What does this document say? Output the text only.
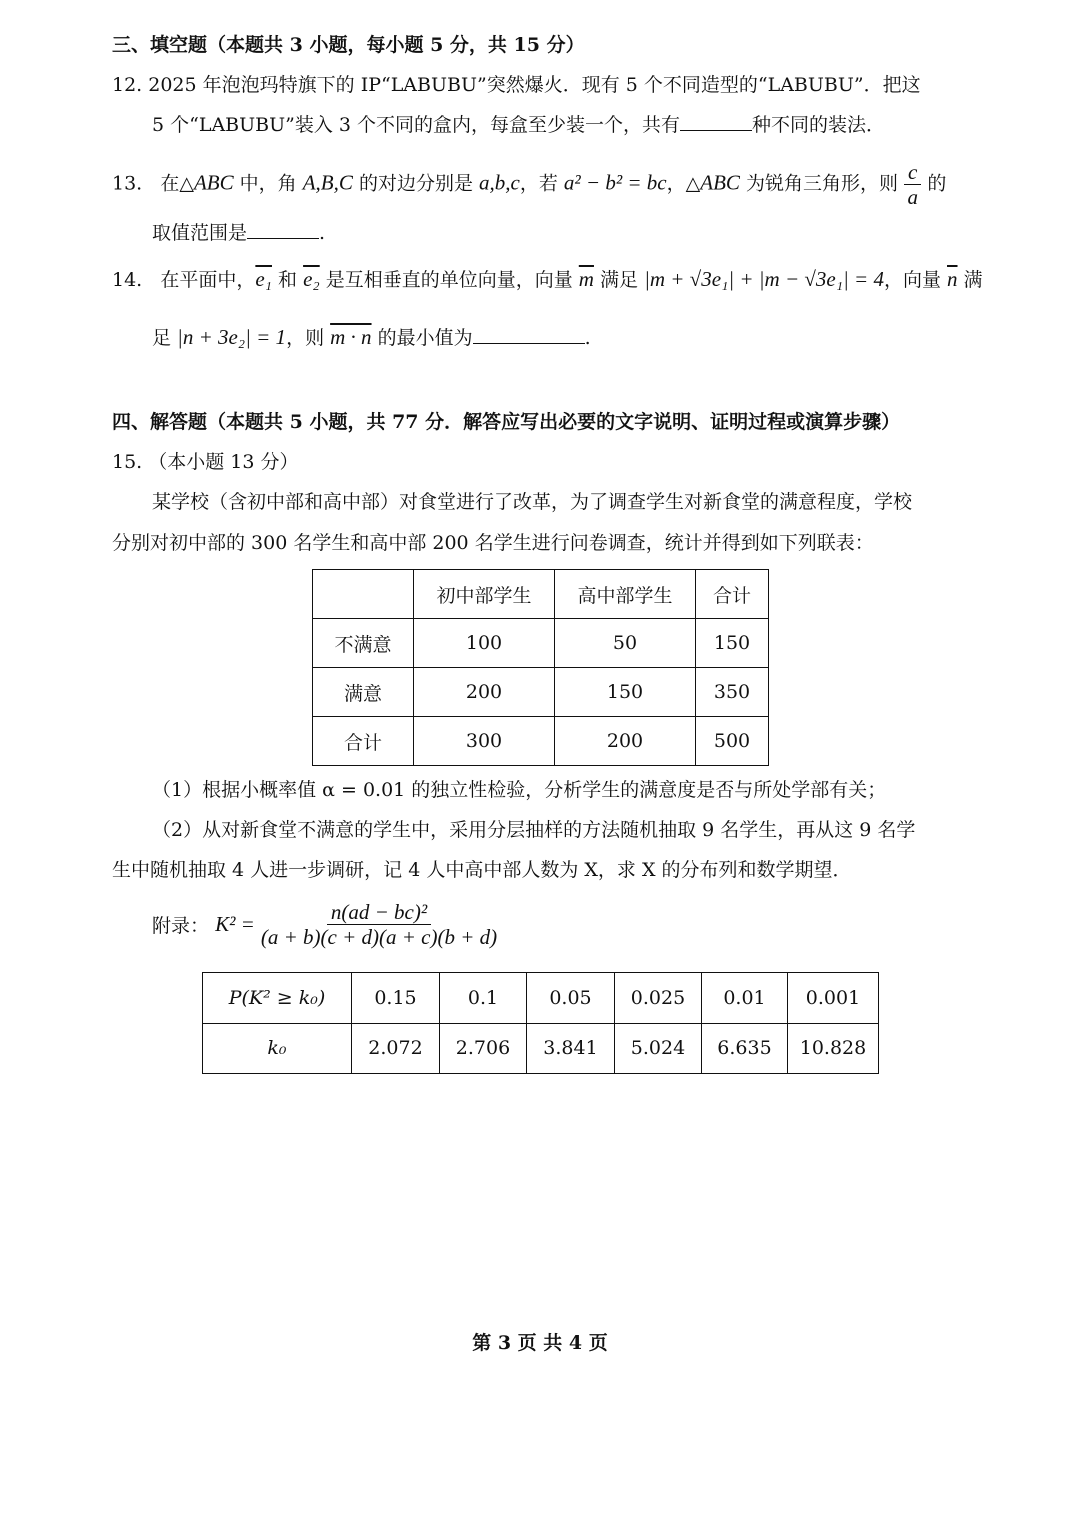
三、填空题（本题共 3 小题，每小题 5 分，共 15 分）
12. 2025 年泡泡玛特旗下的 IP“LABUBU”突然爆火．现有 5 个不同造型的“LABUBU”．把这
5 个“LABUBU”装入 3 个不同的盒内，每盒至少装一个，共有	种不同的装法．
13. 在△ABC 中，角 A,B,C 的对边分别是 a,b,c，若 a² − b² = bc，△ABC 为锐角三角形，则 $\frac{c}{a}$ 的
取值范围是	.
14. 在平面中，e₁ 和 e₂ 是互相垂直的单位向量，向量 $\overline{m}$ 满足 |m + √3e₁| + |m − √3e₁| = 4，向量 $\overline{n}$ 满
足 |n + 3e₂| = 1，则 m · n 的最小值为	.
四、解答题（本题共 5 小题，共 77 分．解答应写出必要的文字说明、证明过程或演算步骤）
15. （本小题 13 分）
某学校（含初中部和高中部）对食堂进行了改革，为了调查学生对新食堂的满意程度，学校
分别对初中部的 300 名学生和高中部 200 名学生进行问卷调查，统计并得到如下列联表：
	初中部学生	高中部学生	合计
不满意	100	50	150
满意	200	150	350
合计	300	200	500
（1）根据小概率值 α = 0.01 的独立性检验，分析学生的满意度是否与所处学部有关；
（2）从对新食堂不满意的学生中，采用分层抽样的方法随机抽取 9 名学生，再从这 9 名学
生中随机抽取 4 人进一步调研，记 4 人中高中部人数为 X，求 X 的分布列和数学期望．
附录：
K² =
$\frac{\text{n(ad − bc)²}}{(a + b)(c + d)(a + c)(b + d)}$
P(K² ≥ k₀)	0.15	0.1	0.05	0.025	0.01	0.001
k₀	2.072	2.706	3.841	5.024	6.635	10.828
第 3 页 共 4 页
